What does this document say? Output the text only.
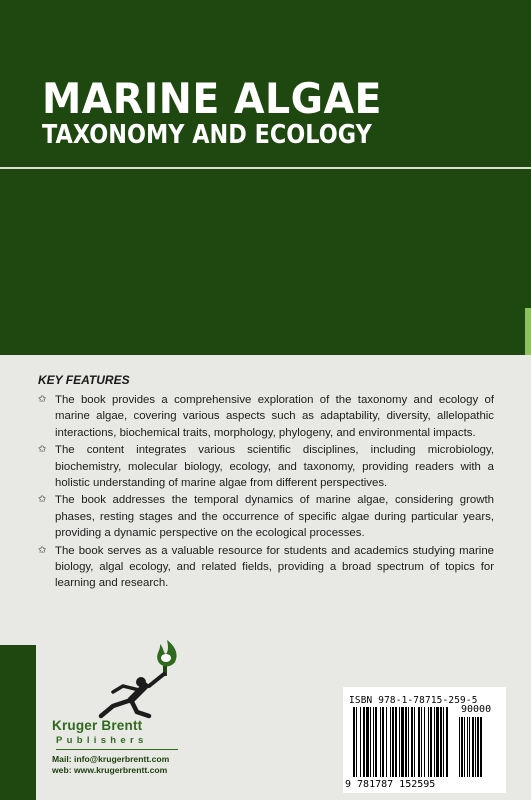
MARINE ALGAE
TAXONOMY AND ECOLOGY
KEY FEATURES
✩ The book provides a comprehensive exploration of the taxonomy and ecology of marine algae, covering various aspects such as adaptability, diversity, allelopathic interactions, biochemical traits, morphology, phylogeny, and environmental impacts.
✩ The content integrates various scientific disciplines, including microbiology, biochemistry, molecular biology, ecology, and taxonomy, providing readers with a holistic understanding of marine algae from different perspectives.
✩ The book addresses the temporal dynamics of marine algae, considering growth phases, resting stages and the occurrence of specific algae during particular years, providing a dynamic perspective on the ecological processes.
✩ The book serves as a valuable resource for students and academics studying marine biology, algal ecology, and related fields, providing a broad spectrum of topics for learning and research.
Kruger Brentt
Publishers
Mail: info@krugerbrentt.com
web: www.krugerbrentt.com
ISBN 978-1-78715-259-5
90000
9 781787 152595
